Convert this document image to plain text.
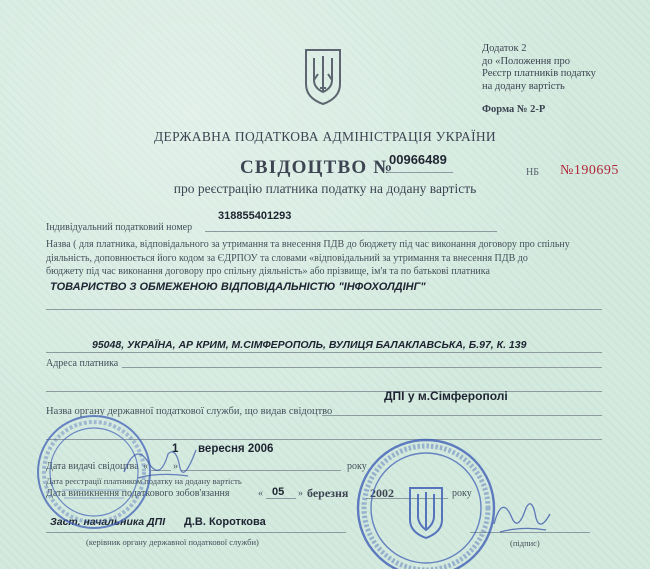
Додаток 2
до «Положення про
Реєстр платників податку
на додану вартість
Форма № 2-Р
ДЕРЖАВНА ПОДАТКОВА АДМІНІСТРАЦІЯ УКРАЇНИ
СВІДОЦТВО №
00966489
НБ №190695
про реєстрацію платника податку на додану вартість
Індивідуальний податковий номер
318855401293
Назва ( для платника, відповідального за утримання та внесення ПДВ до бюджету під час виконання договору про спільну
діяльність, доповнюється його кодом за ЄДРПОУ та словами «відповідальний за утримання та внесення ПДВ до
бюджету під час виконання договору про спільну діяльність» або прізвище, ім'я та по батькові платника
ТОВАРИСТВО З ОБМЕЖЕНОЮ ВІДПОВІДАЛЬНІСТЮ "ІНФОХОЛДІНГ"
95048, УКРАЇНА, АР КРИМ, М.СІМФЕРОПОЛЬ, ВУЛИЦЯ БАЛАКЛАВСЬКА, Б.97, К. 139
Адреса платника
ДПІ у м.Сімферополі
Назва органу державної податкової служби, що видав свідоцтво
1 вересня 2006
Дата видачі свідоцтва «	»	року
Дата реєстрації платником податку на додану вартість
Дата виникнення податкового зобов'язання	« 05 » березня 2002	року
Заст. начальника ДПІ Д.В. Короткова
(керівник органу державної податкової служби)	(підпис)
